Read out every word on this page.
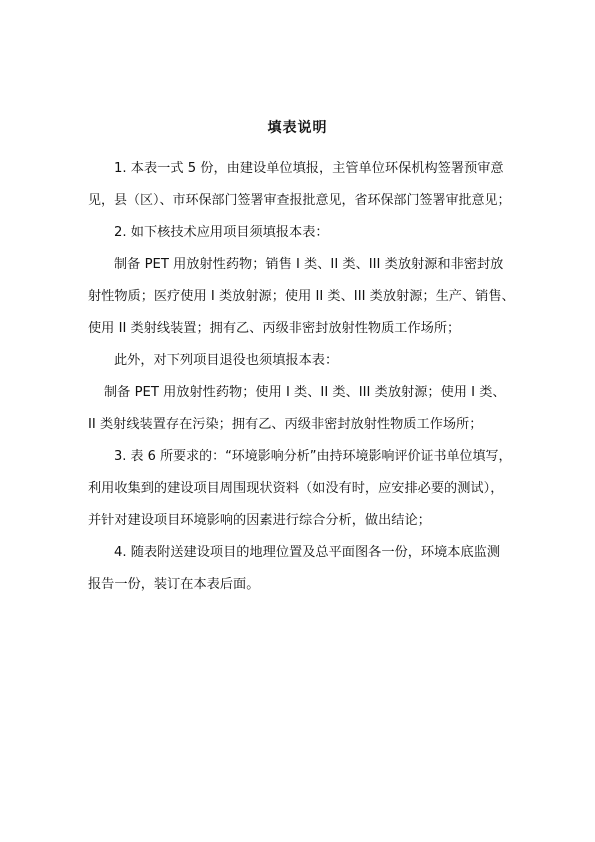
填表说明
1. 本表一式 5 份，由建设单位填报，主管单位环保机构签署预审意
见，县（区）、市环保部门签署审查报批意见，省环保部门签署审批意见；
2. 如下核技术应用项目须填报本表：
制备 PET 用放射性药物；销售 I 类、II 类、III 类放射源和非密封放
射性物质；医疗使用 I 类放射源；使用 II 类、III 类放射源；生产、销售、
使用 II 类射线装置；拥有乙、丙级非密封放射性物质工作场所；
此外，对下列项目退役也须填报本表：
制备 PET 用放射性药物；使用 I 类、II 类、III 类放射源；使用 I 类、
II 类射线装置存在污染；拥有乙、丙级非密封放射性物质工作场所；
3. 表 6 所要求的：“环境影响分析”由持环境影响评价证书单位填写，
利用收集到的建设项目周围现状资料（如没有时，应安排必要的测试），
并针对建设项目环境影响的因素进行综合分析，做出结论；
4. 随表附送建设项目的地理位置及总平面图各一份，环境本底监测
报告一份，装订在本表后面。
